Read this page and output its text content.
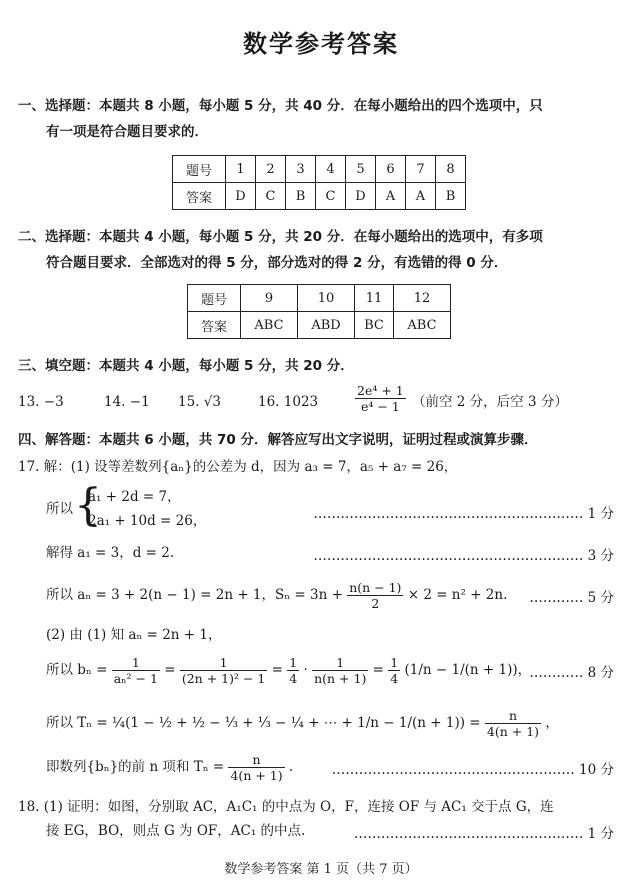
数学参考答案
一、选择题：本题共 8 小题，每小题 5 分，共 40 分．在每小题给出的四个选项中，只
有一项是符合题目要求的．
题号	1	2	3	4	5	6	7	8
答案	D	C	B	C	D	A	A	B
二、选择题：本题共 4 小题，每小题 5 分，共 20 分．在每小题给出的选项中，有多项
符合题目要求．全部选对的得 5 分，部分选对的得 2 分，有选错的得 0 分．
题号	9	10	11	12
答案	ABC	ABD	BC	ABC
三、填空题：本题共 4 小题，每小题 5 分，共 20 分．
13. −3	14. −1 15. √3	16. 1023	$\frac{\text{2e⁴ + 1}}{\text{e⁴ − 1}}$ （前空 2 分，后空 3 分）
四、解答题：本题共 6 小题，共 70 分．解答应写出文字说明，证明过程或演算步骤．
17. 解：(1) 设等差数列{aₙ}的公差为 d，因为 a₃ = 7，a₅ + a₇ = 26，
所以 {
a₁ + 2d = 7，
2a₁ + 10d = 26，	…………………………………………………… 1 分
解得 a₁ = 3，d = 2.	…………………………………………………… 3 分
所以 aₙ = 3 + 2(n − 1) = 2n + 1，$S_n = 3n + \frac{n(n - 1)}{2} \times 2 = n^2 + 2n$. ………… 5 分
(2) 由 (1) 知 aₙ = 2n + 1，
所以 $b_n = \frac{1}{\text{aₙ² − 1}} = \frac{1}{\text{(2n + 1)² − 1}} = \frac{1}{4} \cdot \frac{1}{n(n + 1)} = \frac{1}{4} (1/n - 1/(n + 1))$，
………… 8 分
所以 Tₙ = ¼(1 − ½ + ½ − ⅓ + ⅓ − ¼ + ⋯ + $1/n - 1/(n + 1)) = \frac{n}{4(n + 1)}$ ，
即数列{bₙ}的前 n 项和 $T_n = \frac{n}{4(n + 1)}$ .	……………………………………………… 10 分
18. (1) 证明：如图，分别取 AC，A₁C₁ 的中点为 O，F，连接 OF 与 AC₁ 交于点 G，连
接 EG，BO，则点 G 为 OF，AC₁ 的中点.	…………………………………………… 1 分
数学参考答案 第 1 页（共 7 页）
